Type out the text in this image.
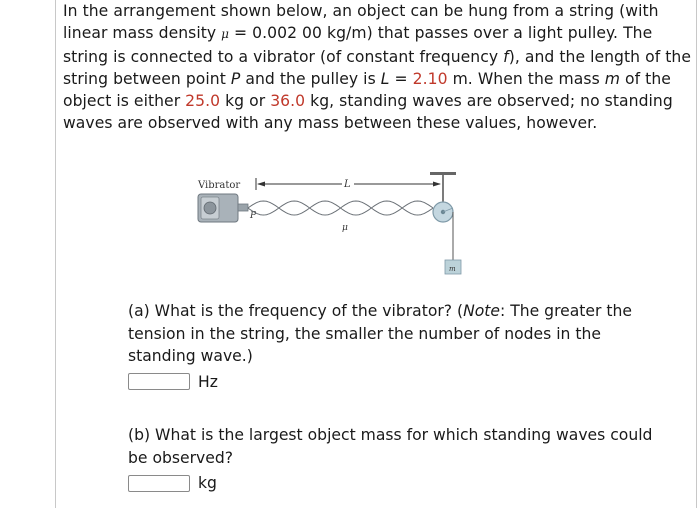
In the arrangement shown below, an object can be hung from a string (with linear mass density μ = 0.002 00 kg/m) that passes over a light pulley. The string is connected to a vibrator (of constant frequency f), and the length of the string between point P and the pulley is L = 2.10 m. When the mass m of the object is either 25.0 kg or 36.0 kg, standing waves are observed; no standing waves are observed with any mass between these values, however.
Vibrator	L
P
μ
m
(a) What is the frequency of the vibrator? (Note: The greater the tension in the string, the smaller the number of nodes in the standing wave.)
Hz
(b) What is the largest object mass for which standing waves could be observed?
kg
